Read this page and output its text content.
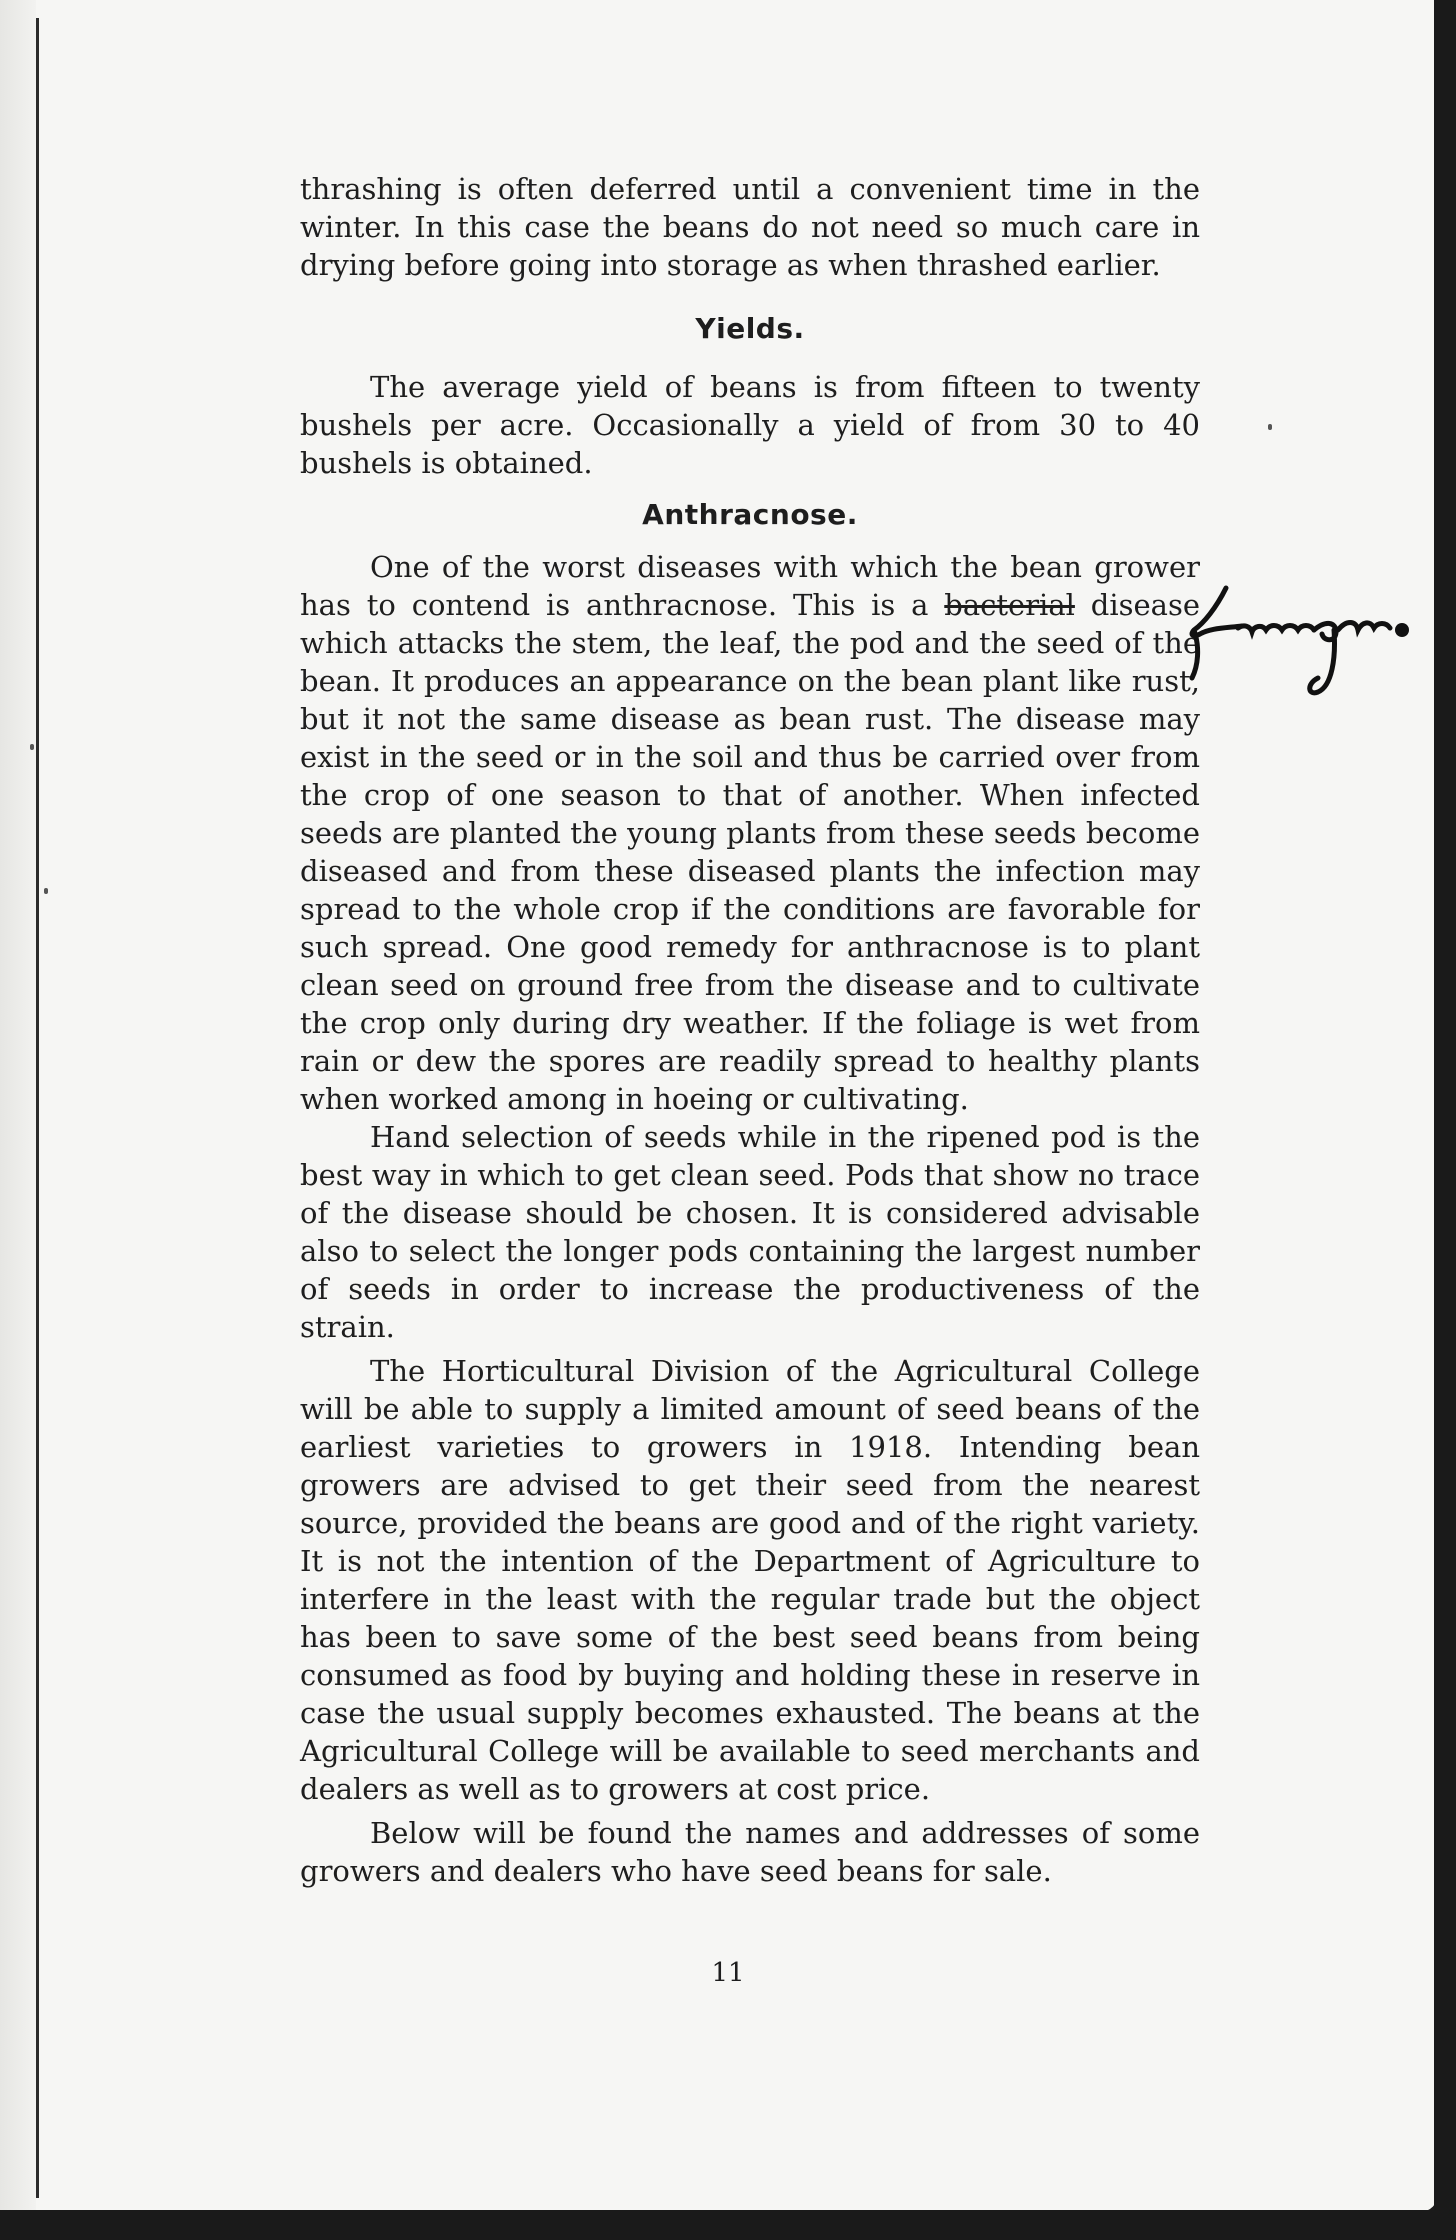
thrashing is often deferred until a convenient time in the winter. In this case the beans do not need so much care in drying before going into storage as when thrashed earlier.

Yields.

The average yield of beans is from fifteen to twenty bushels per acre. Occasionally a yield of from 30 to 40 bushels is obtained.

Anthracnose.

One of the worst diseases with which the bean grower has to contend is anthracnose. This is a bacterial disease which attacks the stem, the leaf, the pod and the seed of the bean. It produces an appearance on the bean plant like rust, but it not the same disease as bean rust. The disease may exist in the seed or in the soil and thus be carried over from the crop of one season to that of another. When infected seeds are planted the young plants from these seeds become diseased and from these diseased plants the infection may spread to the whole crop if the conditions are favorable for such spread. One good remedy for anthracnose is to plant clean seed on ground free from the disease and to cultivate the crop only during dry weather. If the foliage is wet from rain or dew the spores are readily spread to healthy plants when worked among in hoeing or cultivating.

Hand selection of seeds while in the ripened pod is the best way in which to get clean seed. Pods that show no trace of the disease should be chosen. It is considered advisable also to select the longer pods containing the largest number of seeds in order to increase the productiveness of the strain.

The Horticultural Division of the Agricultural College will be able to supply a limited amount of seed beans of the earliest varieties to growers in 1918. Intending bean growers are advised to get their seed from the nearest source, provided the beans are good and of the right variety. It is not the intention of the Department of Agriculture to interfere in the least with the regular trade but the object has been to save some of the best seed beans from being consumed as food by buying and holding these in reserve in case the usual supply becomes exhausted. The beans at the Agricultural College will be available to seed merchants and dealers as well as to growers at cost price.

Below will be found the names and addresses of some growers and dealers who have seed beans for sale.

11
